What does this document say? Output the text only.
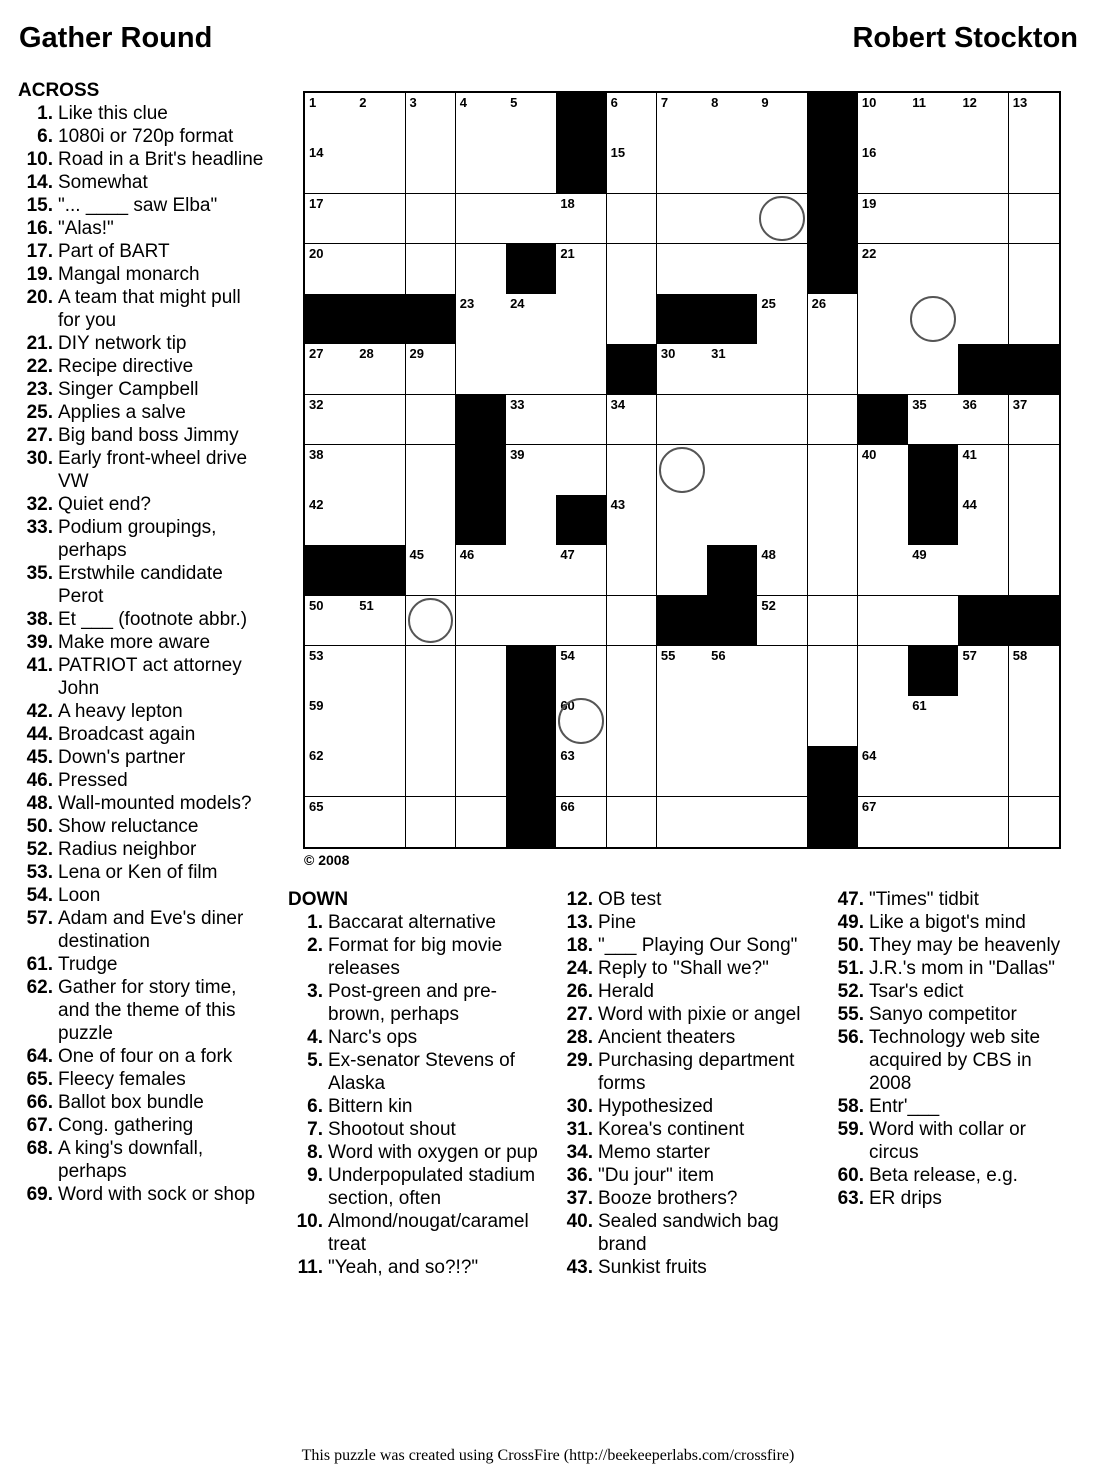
Gather Round	Robert Stockton
ACROSS
1. Like this clue
6. 1080i or 720p format
10. Road in a Brit's headline
14. Somewhat
15. "... ____ saw Elba"
16. "Alas!"
17. Part of BART
19. Mangal monarch
20. A team that might pull for you
21. DIY network tip
22. Recipe directive
23. Singer Campbell
25. Applies a salve
27. Big band boss Jimmy
30. Early front-wheel drive VW
32. Quiet end?
33. Podium groupings, perhaps
35. Erstwhile candidate Perot
38. Et ___ (footnote abbr.)
39. Make more aware
41. PATRIOT act attorney John
42. A heavy lepton
44. Broadcast again
45. Down's partner
46. Pressed
48. Wall-mounted models?
50. Show reluctance
52. Radius neighbor
53. Lena or Ken of film
54. Loon
57. Adam and Eve's diner destination
61. Trudge
62. Gather for story time, and the theme of this puzzle
64. One of four on a fork
65. Fleecy females
66. Ballot box bundle
67. Cong. gathering
68. A king's downfall, perhaps
69. Word with sock or shop
1	2	3	4	5	6	7	8	9	10	11	12	13
14	15	16
17	18	19
20	21	22
23	24	25	26
27	28	29	30	31
32	33	34	35	36	37
38	39	40	41
42	43	44
45	46	47	48	49
50	51	52
53	54	55	56	57	58
59	60	61
62	63	64
65	66	67
© 2008
DOWN
1. Baccarat alternative
2. Format for big movie releases
3. Post-green and pre-brown, perhaps
4. Narc's ops
5. Ex-senator Stevens of Alaska
6. Bittern kin
7. Shootout shout
8. Word with oxygen or pup
9. Underpopulated stadium section, often
10. Almond/nougat/caramel treat
11. "Yeah, and so?!?"
12. OB test
13. Pine
18. "___ Playing Our Song"
24. Reply to "Shall we?"
26. Herald
27. Word with pixie or angel
28. Ancient theaters
29. Purchasing department forms
30. Hypothesized
31. Korea's continent
34. Memo starter
36. "Du jour" item
37. Booze brothers?
40. Sealed sandwich bag brand
43. Sunkist fruits
47. "Times" tidbit
49. Like a bigot's mind
50. They may be heavenly
51. J.R.'s mom in "Dallas"
52. Tsar's edict
55. Sanyo competitor
56. Technology web site acquired by CBS in 2008
58. Entr'___
59. Word with collar or circus
60. Beta release, e.g.
63. ER drips
This puzzle was created using CrossFire (http://beekeeperlabs.com/crossfire)
